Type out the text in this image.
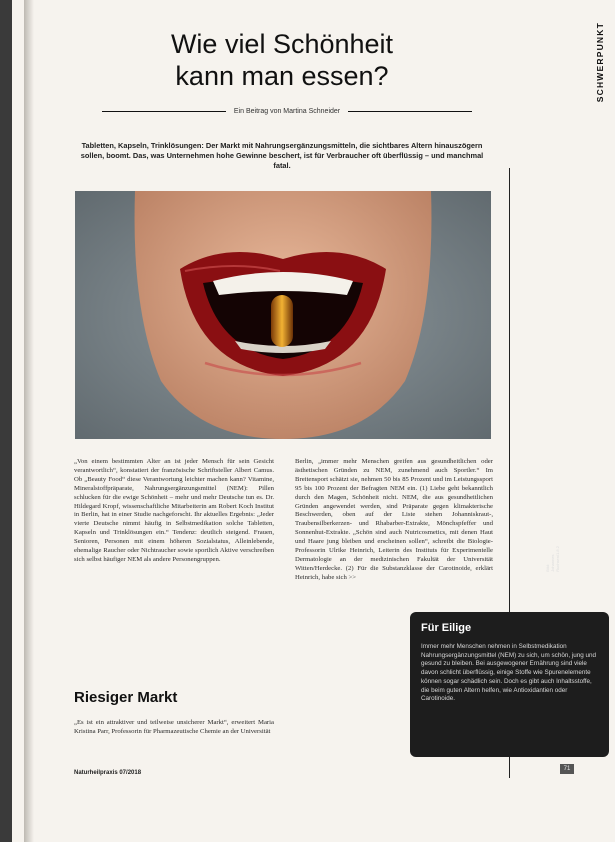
SCHWERPUNKT
Wie viel Schönheit
kann man essen?
Ein Beitrag von Martina Schneider
Tabletten, Kapseln, Trinklösungen: Der Markt mit Nahrungsergänzungsmitteln, die sichtbares Altern hinauszögern sollen, boomt. Das, was Unternehmen hohe Gewinne beschert, ist für Verbraucher oft überflüssig – und manchmal fatal.
Bild: Johannes Ruchsen/1.8.2

„Von einem bestimmten Alter an ist jeder Mensch für sein Gesicht verantwortlich“, konstatiert der französische Schriftsteller Albert Camus. Ob „Beauty Food“ diese Verantwortung leichter machen kann? Vitamine, Mineralstoffpräparate, Nahrungsergänzungsmittel (NEM): Pillen schlucken für die ewige Schönheit – mehr und mehr Deutsche tun es. Dr. Hildegard Kropf, wissenschaftliche Mitarbeiterin am Robert Koch Institut in Berlin, hat in einer Studie nachgeforscht. Ihr aktuelles Ergebnis: „Jeder vierte Deutsche nimmt häufig in Selbstmedikation solche Tabletten, Kapseln und Trinklösungen ein.“ Tendenz: deutlich steigend. Frauen, Senioren, Personen mit einem höheren Sozialstatus, Alleinlebende, ehemalige Raucher oder Nichtraucher sowie sportlich Aktive verschreiben sich selbst häufiger NEM als andere Personengruppen.

Riesiger Markt

„Es ist ein attraktiver und teilweise unsicherer Markt“, erweitert Maria Kristina Parr, Professorin für Pharmazeutische Chemie an der Universität

Berlin, „immer mehr Menschen greifen aus gesundheitlichen oder ästhetischen Gründen zu NEM, zunehmend auch Sportler.“ Im Breitensport schätzt sie, nehmen 50 bis 85 Prozent und im Leistungssport 95 bis 100 Prozent der Befragten NEM ein. (1) Liebe geht bekanntlich durch den Magen, Schönheit nicht. NEM, die aus gesundheitlichen Gründen angewendet werden, sind Präparate gegen klimakterische Beschwerden, oben auf der Liste stehen Johanniskraut-, Traubensilberkerzen- und Rhabarber-Extrakte, Mönchspfeffer und Sonnenhut-Extrakte. „Schön sind auch Nutricosmetics, mit denen Haut und Haare jung bleiben und erscheinen sollen“, schreibt die Biologie-Professorin Ulrike Heinrich, Leiterin des Instituts für Experimentelle Dermatologie an der medizinischen Fakultät der Universität Witten/Herdecke. (2) Für die Substanzklasse der Carotinoide, erklärt Heinrich, habe sich >>

Für Eilige
Immer mehr Menschen nehmen in Selbstmedikation Nahrungsergänzungsmittel (NEM) zu sich, um schön, jung und gesund zu bleiben. Bei ausgewogener Ernährung sind viele davon schlicht überflüssig, einige Stoffe wie Spurenelemente können sogar schädlich sein. Doch es gibt auch Inhaltsstoffe, die beim guten Altern helfen, wie Antioxidantien oder Carotinoide.
Naturheilpraxis 07/2018
71
